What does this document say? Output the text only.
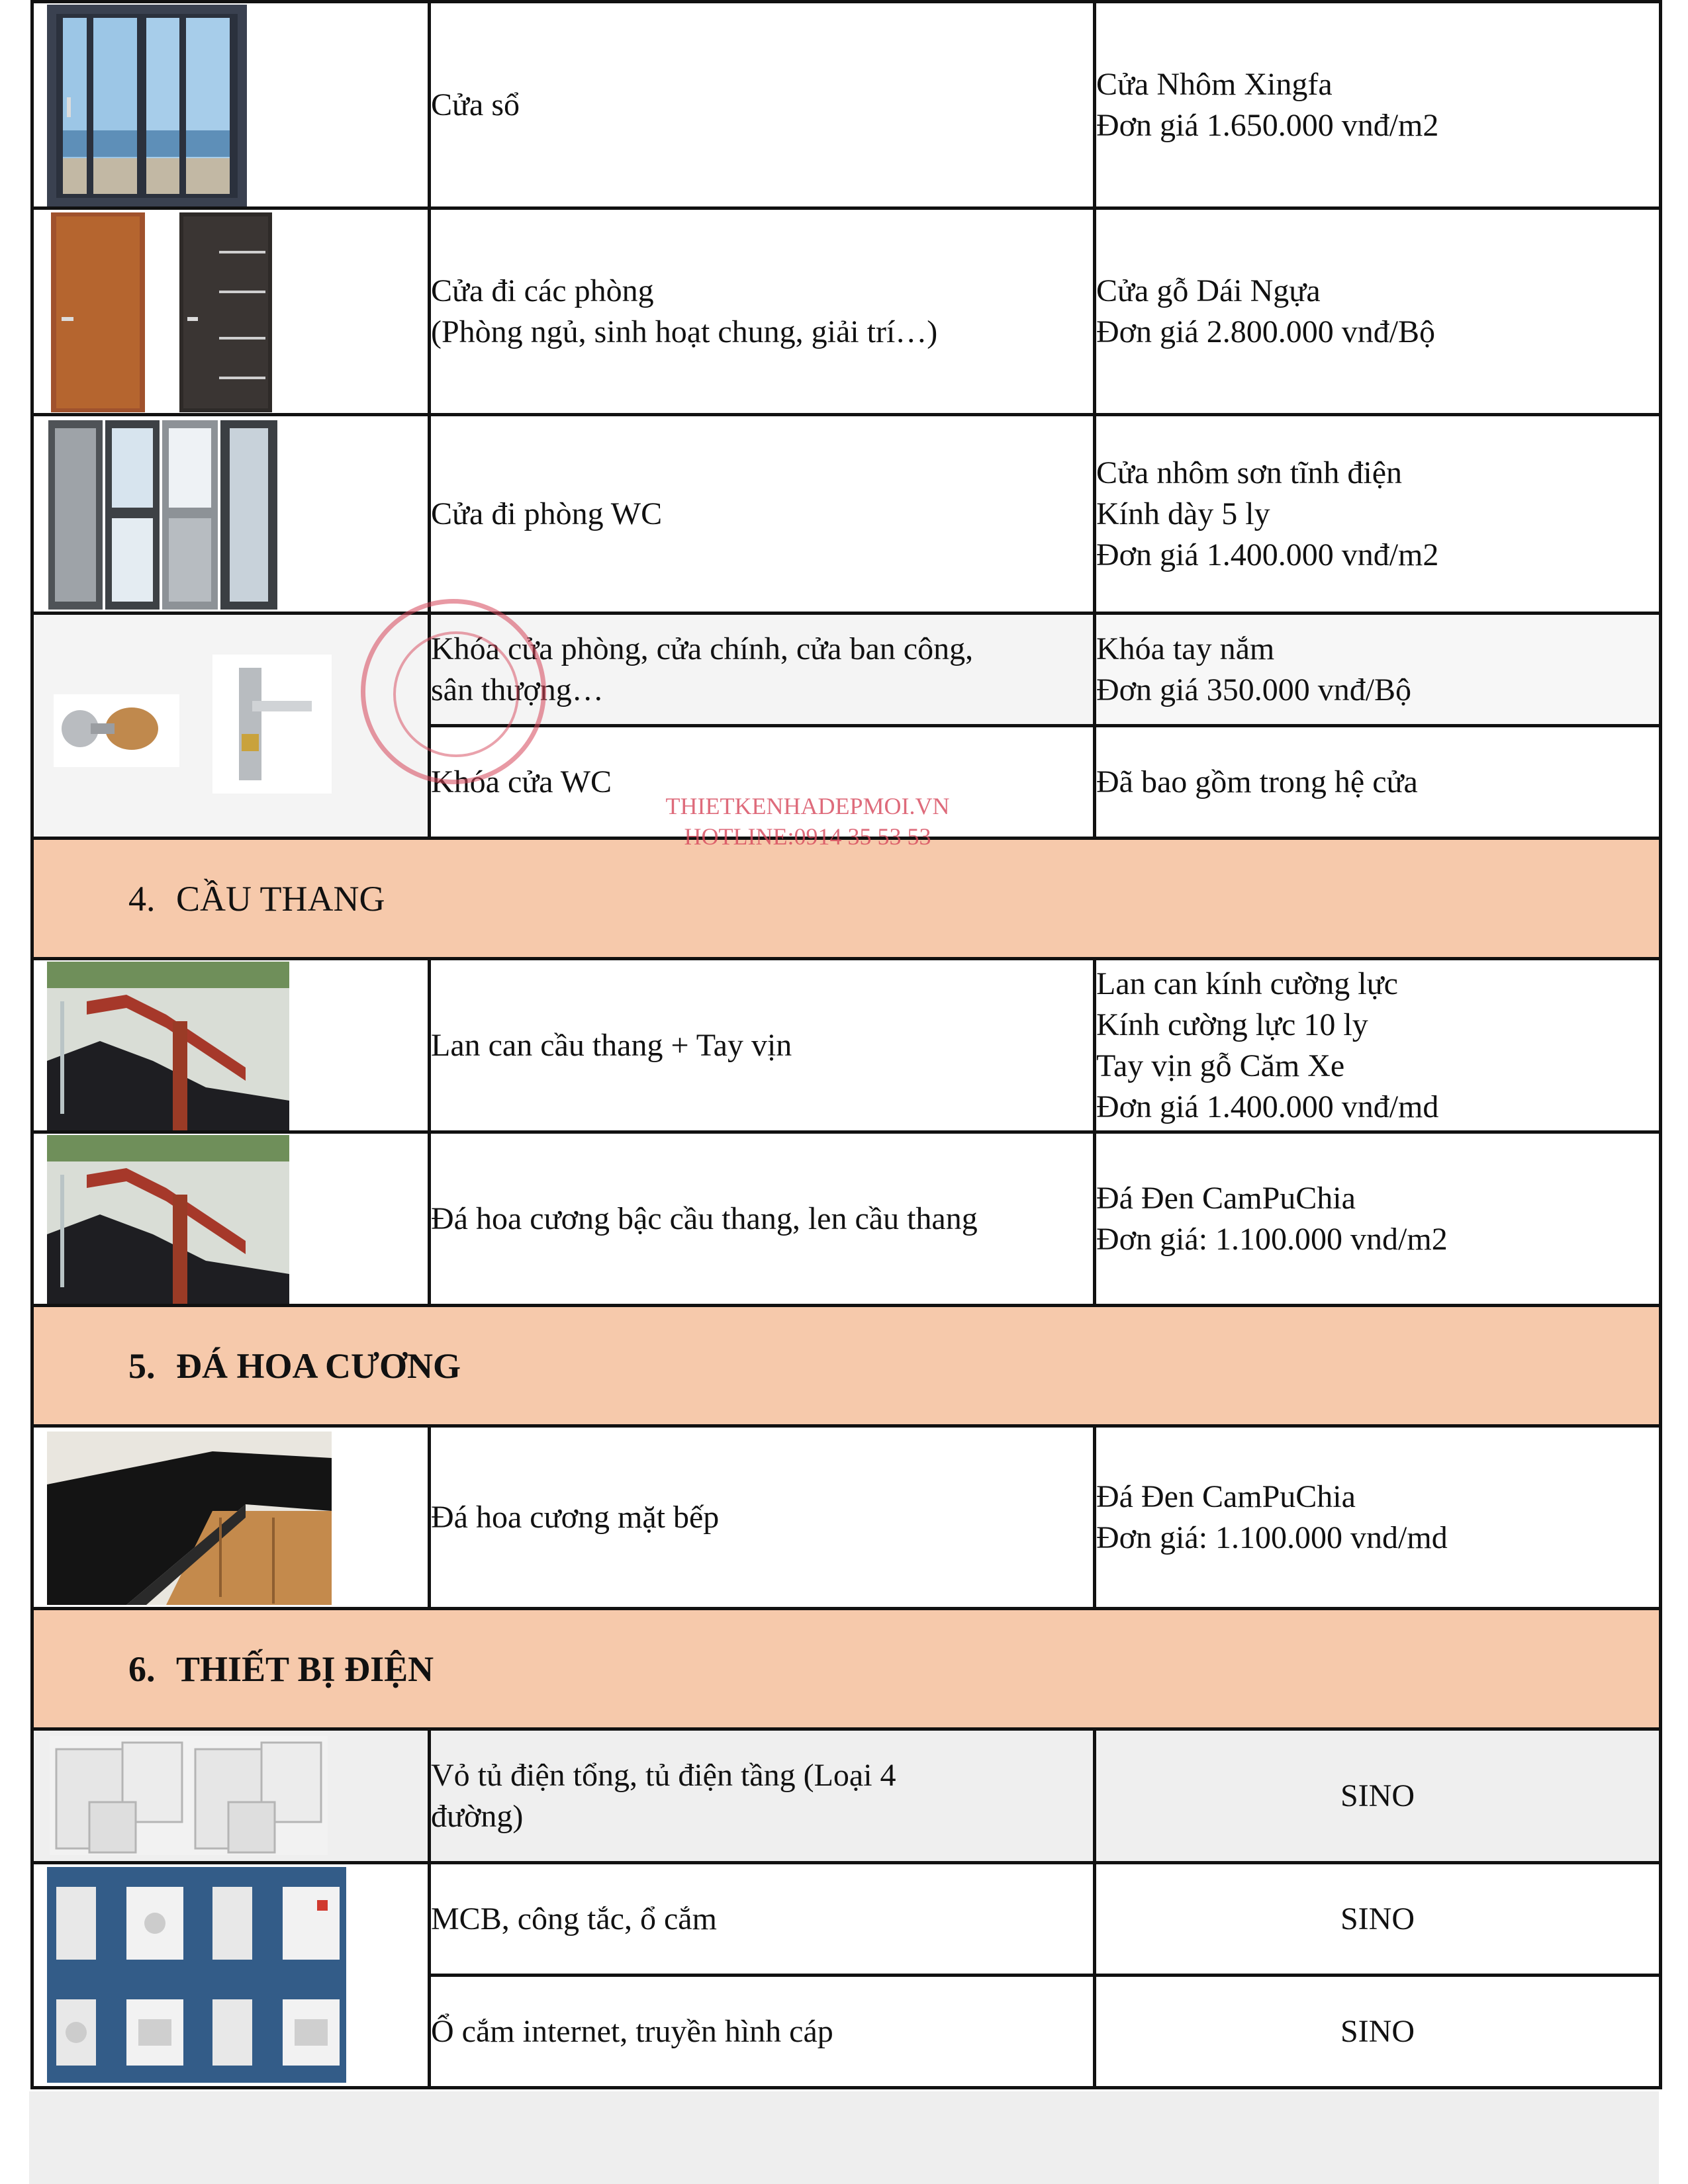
Cửa sổ	Cửa Nhôm Xingfa
Đơn giá 1.650.000 vnđ/m2

Cửa đi các phòng
(Phòng ngủ, sinh hoạt chung, giải trí…)	Cửa gỗ Dái Ngựa
Đơn giá 2.800.000 vnđ/Bộ

Cửa đi phòng WC	Cửa nhôm sơn tĩnh điện
Kính dày 5 ly
Đơn giá 1.400.000 vnđ/m2

Khóa cửa phòng, cửa chính, cửa ban công,
sân thượng…	Khóa tay nắm
Đơn giá 350.000 vnđ/Bộ

	Khóa cửa WC	Đã bao gồm trong hệ cửa

4. CẦU THANG		

Lan can cầu thang + Tay vịn	Lan can kính cường lực
Kính cường lực 10 ly
Tay vịn gỗ Căm Xe
Đơn giá 1.400.000 vnđ/md

Đá hoa cương bậc cầu thang, len cầu thang	Đá Đen CamPuChia
Đơn giá: 1.100.000 vnd/m2

5. ĐÁ HOA CƯƠNG		

Đá hoa cương mặt bếp	Đá Đen CamPuChia
Đơn giá: 1.100.000 vnd/md

6. THIẾT BỊ ĐIỆN		

Vỏ tủ điện tổng, tủ điện tầng (Loại 4
đường)	SINO

MCB, công tắc, ổ cắm	SINO

	Ổ cắm internet, truyền hình cáp	SINO
THIETKENHADEPMOI.VN
HOTLINE:0914 35 53 53
